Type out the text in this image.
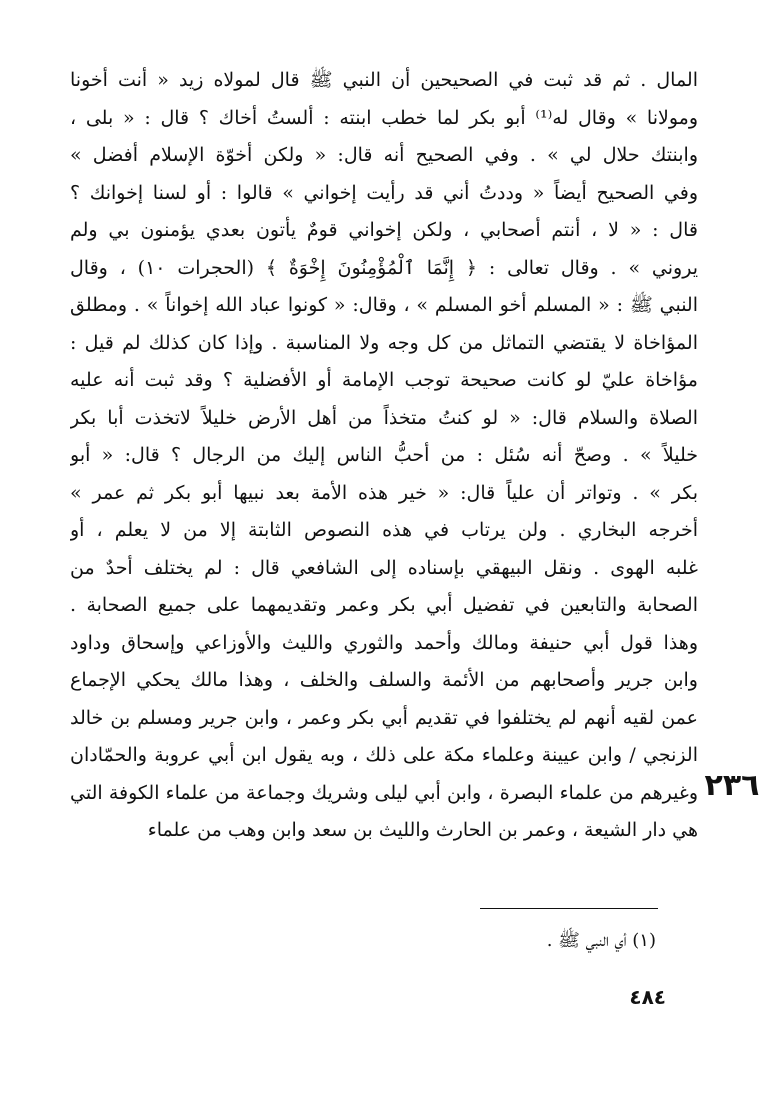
المال . ثم قد ثبت في الصحيحين أن النبي ﷺ قال لمولاه زيد « أنت أخونا
ومولانا » وقال له⁽¹⁾ أبو بكر لما خطب ابنته : ألستُ أخاك ؟ قال : « بلى ،
وابنتك حلال لي » . وفي الصحيح أنه قال: « ولكن أخوّة الإسلام أفضل »
وفي الصحيح أيضاً « وددتُ أني قد رأيت إخواني » قالوا : أو لسنا إخوانك ؟
قال : « لا ، أنتم أصحابي ، ولكن إخواني قومٌ يأتون بعدي يؤمنون بي ولم
يروني » . وقال تعالى : ﴿ إِنَّمَا ٱلْمُؤْمِنُونَ إِخْوَةٌ ﴾ (الحجرات ١٠) ، وقال
النبي ﷺ : « المسلم أخو المسلم » ، وقال: « كونوا عباد الله إخواناً » . ومطلق
المؤاخاة لا يقتضي التماثل من كل وجه ولا المناسبة . وإذا كان كذلك لم قيل :
مؤاخاة عليّ لو كانت صحيحة توجب الإمامة أو الأفضلية ؟ وقد ثبت أنه عليه
الصلاة والسلام قال: « لو كنتُ متخذاً من أهل الأرض خليلاً لاتخذت أبا بكر
خليلاً » . وصحّ أنه سُئل : من أحبُّ الناس إليك من الرجال ؟ قال: « أبو
بكر » . وتواتر أن علياً قال: « خير هذه الأمة بعد نبيها أبو بكر ثم عمر »
أخرجه البخاري . ولن يرتاب في هذه النصوص الثابتة إلا من لا يعلم ، أو
غلبه الهوى . ونقل البيهقي بإسناده إلى الشافعي قال : لم يختلف أحدٌ من
الصحابة والتابعين في تفضيل أبي بكر وعمر وتقديمهما على جميع الصحابة .
وهذا قول أبي حنيفة ومالك وأحمد والثوري والليث والأوزاعي وإسحاق وداود
وابن جرير وأصحابهم من الأئمة والسلف والخلف ، وهذا مالك يحكي الإجماع
عمن لقيه أنهم لم يختلفوا في تقديم أبي بكر وعمر ، وابن جرير ومسلم بن خالد
الزنجي / وابن عيينة وعلماء مكة على ذلك ، وبه يقول ابن أبي عروبة والحمّادان
وغيرهم من علماء البصرة ، وابن أبي ليلى وشريك وجماعة من علماء الكوفة التي
هي دار الشيعة ، وعمر بن الحارث والليث بن سعد وابن وهب من علماء
٢٣٦
(١) أي النبي ﷺ .
٤٨٤
